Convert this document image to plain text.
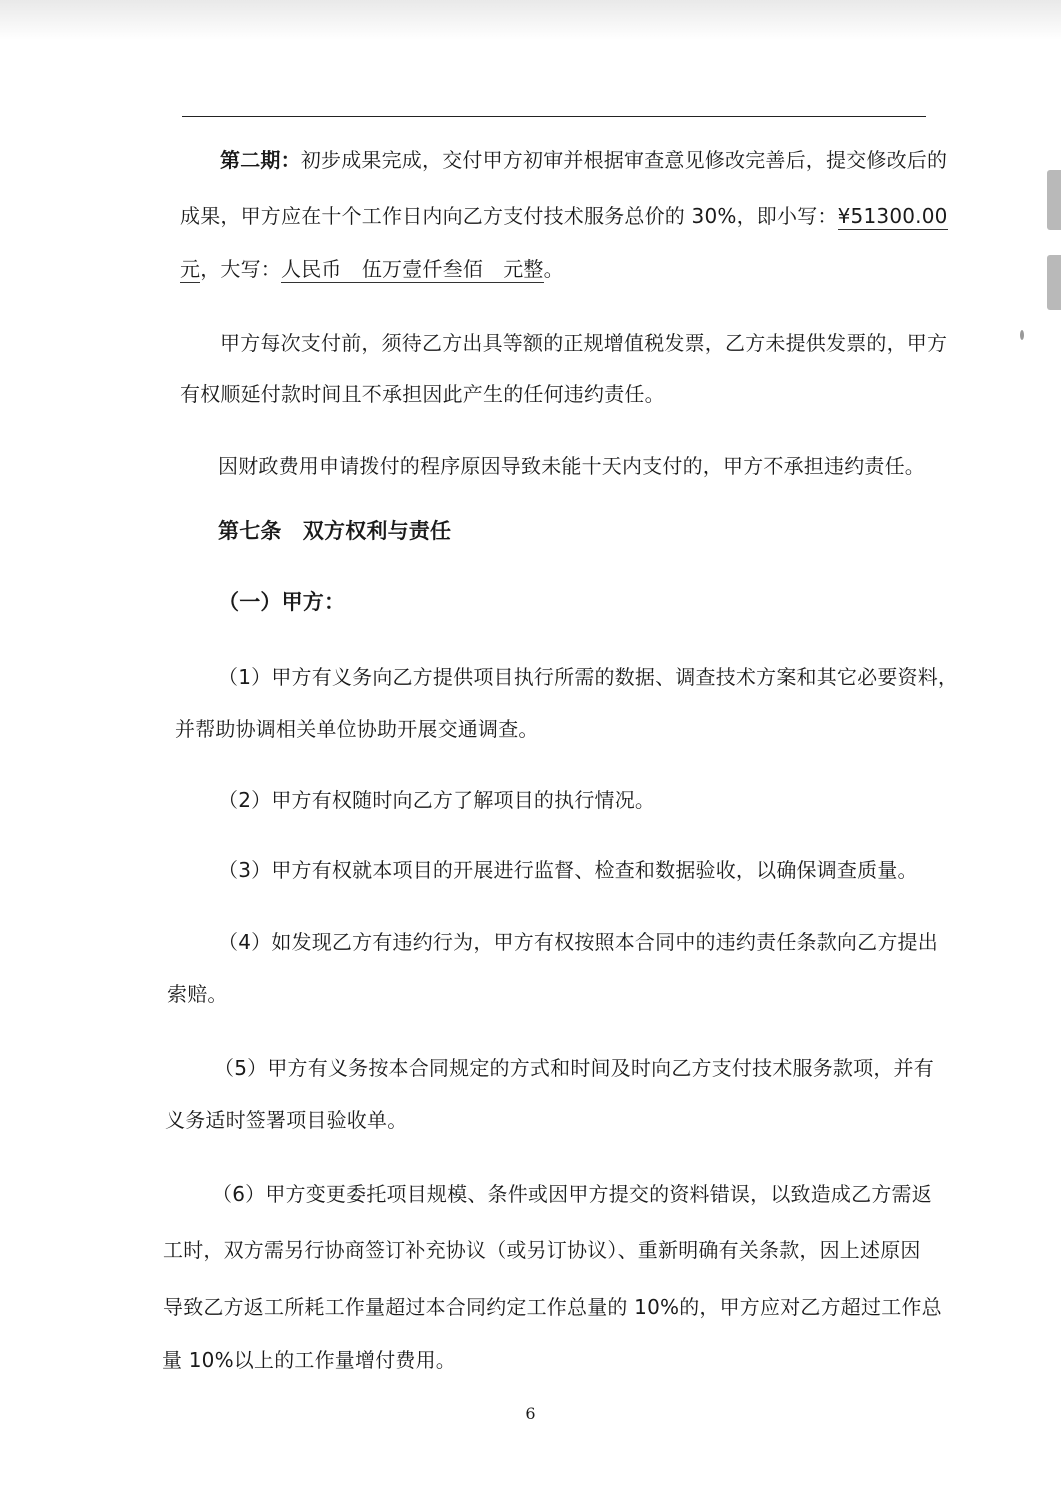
第二期：初步成果完成，交付甲方初审并根据审查意见修改完善后，提交修改后的
成果，甲方应在十个工作日内向乙方支付技术服务总价的 30%，即小写：¥51300.00
元，大写：人民币　伍万壹仟叁佰　元整。
甲方每次支付前，须待乙方出具等额的正规增值税发票，乙方未提供发票的，甲方
有权顺延付款时间且不承担因此产生的任何违约责任。
因财政费用申请拨付的程序原因导致未能十天内支付的，甲方不承担违约责任。
第七条　双方权利与责任
（一）甲方：
（1）甲方有义务向乙方提供项目执行所需的数据、调查技术方案和其它必要资料，
并帮助协调相关单位协助开展交通调查。
（2）甲方有权随时向乙方了解项目的执行情况。
（3）甲方有权就本项目的开展进行监督、检查和数据验收，以确保调查质量。
（4）如发现乙方有违约行为，甲方有权按照本合同中的违约责任条款向乙方提出
索赔。
（5）甲方有义务按本合同规定的方式和时间及时向乙方支付技术服务款项，并有
义务适时签署项目验收单。
（6）甲方变更委托项目规模、条件或因甲方提交的资料错误，以致造成乙方需返
工时，双方需另行协商签订补充协议（或另订协议）、重新明确有关条款，因上述原因
导致乙方返工所耗工作量超过本合同约定工作总量的 10%的，甲方应对乙方超过工作总
量 10%以上的工作量增付费用。
6
